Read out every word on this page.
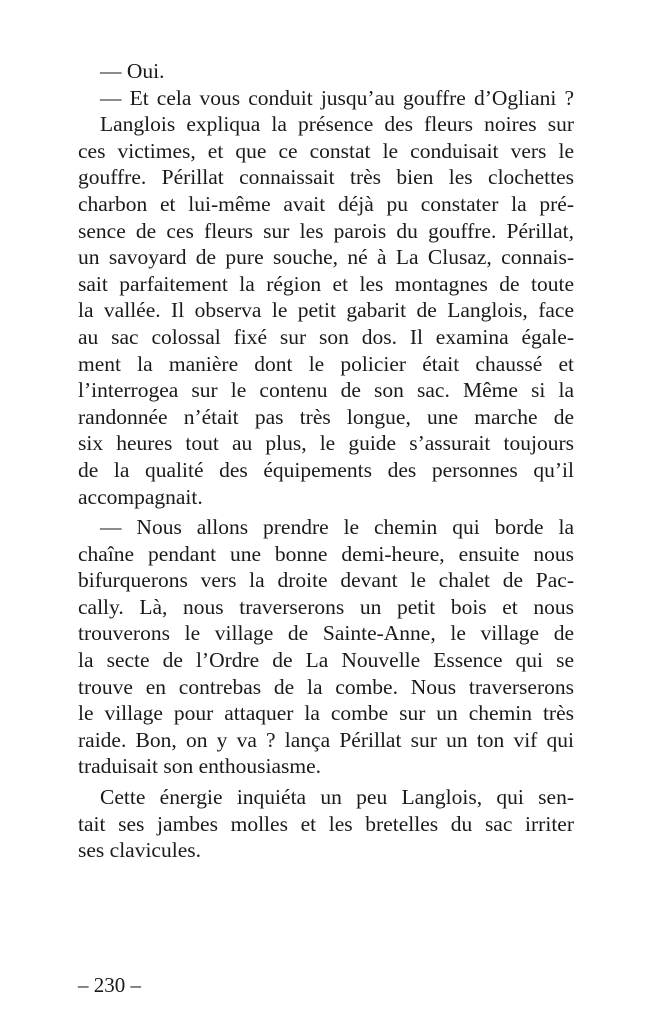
— Oui.
— Et cela vous conduit jusqu’au gouffre d’Ogliani ?
Langlois expliqua la présence des fleurs noires sur
ces victimes, et que ce constat le conduisait vers le
gouffre. Périllat connaissait très bien les clochettes
charbon et lui-même avait déjà pu constater la pré-
sence de ces fleurs sur les parois du gouffre. Périllat,
un savoyard de pure souche, né à La Clusaz, connais-
sait parfaitement la région et les montagnes de toute
la vallée. Il observa le petit gabarit de Langlois, face
au sac colossal fixé sur son dos. Il examina égale-
ment la manière dont le policier était chaussé et
l’interrogea sur le contenu de son sac. Même si la
randonnée n’était pas très longue, une marche de
six heures tout au plus, le guide s’assurait toujours
de la qualité des équipements des personnes qu’il
accompagnait.
— Nous allons prendre le chemin qui borde la
chaîne pendant une bonne demi-heure, ensuite nous
bifurquerons vers la droite devant le chalet de Pac-
cally. Là, nous traverserons un petit bois et nous
trouverons le village de Sainte-Anne, le village de
la secte de l’Ordre de La Nouvelle Essence qui se
trouve en contrebas de la combe. Nous traverserons
le village pour attaquer la combe sur un chemin très
raide. Bon, on y va ? lança Périllat sur un ton vif qui
traduisait son enthousiasme.
Cette énergie inquiéta un peu Langlois, qui sen-
tait ses jambes molles et les bretelles du sac irriter
ses clavicules.
– 230 –
